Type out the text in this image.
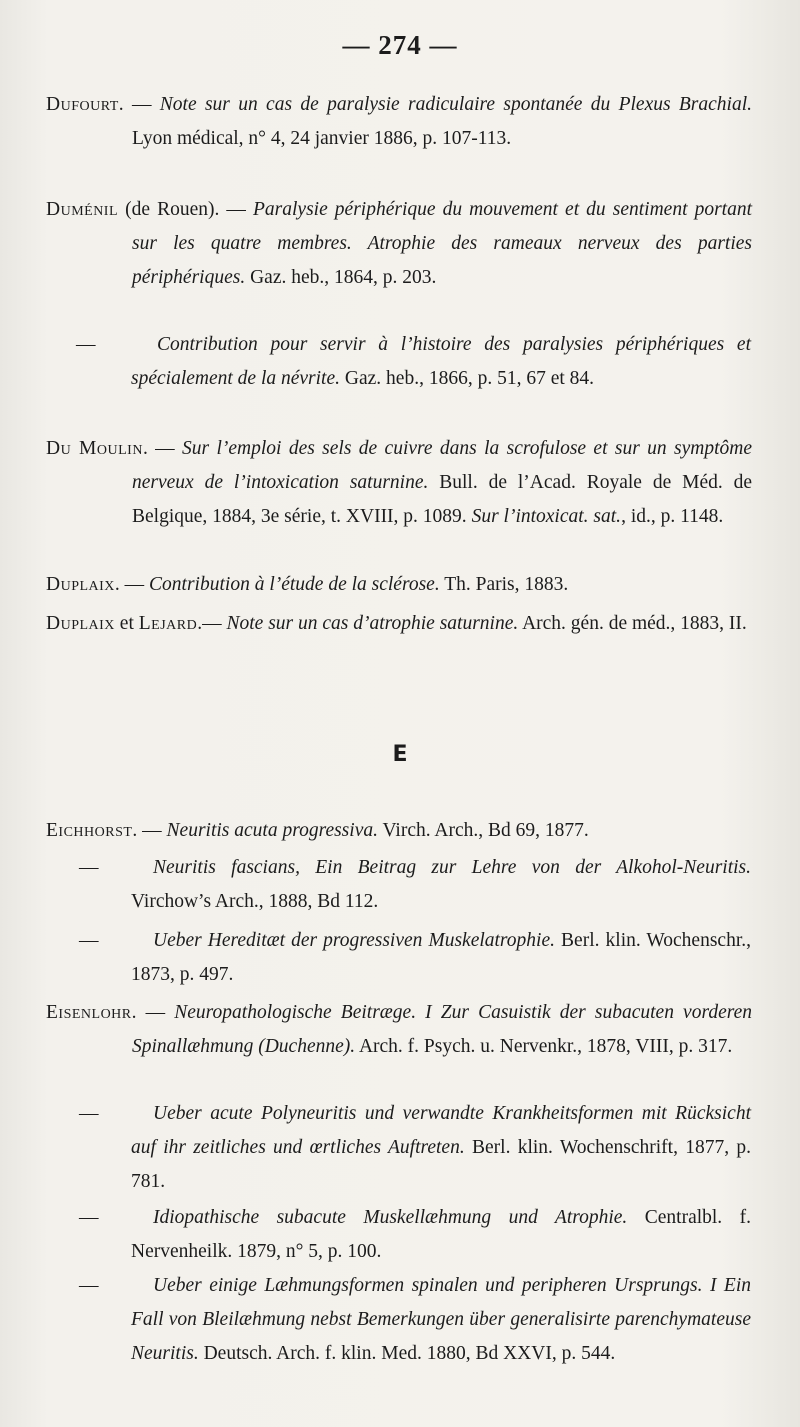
— 274 —
Dufourt. — Note sur un cas de paralysie radiculaire spontanée du Plexus Brachial. Lyon médical, n° 4, 24 janvier 1886, p. 107-113.
Duménil (de Rouen). — Paralysie périphérique du mouvement et du sentiment portant sur les quatre membres. Atrophie des rameaux nerveux des parties périphériques. Gaz. heb., 1864, p. 203.
—	Contribution pour servir à l’histoire des paralysies périphériques et spécialement de la névrite. Gaz. heb., 1866, p. 51, 67 et 84.
Du Moulin. — Sur l’emploi des sels de cuivre dans la scrofulose et sur un symptôme nerveux de l’intoxication saturnine. Bull. de l’Acad. Royale de Méd. de Belgique, 1884, 3e série, t. XVIII, p. 1089. Sur l’intoxicat. sat., id., p. 1148.
Duplaix. — Contribution à l’étude de la sclérose. Th. Paris, 1883.
Duplaix et Lejard.— Note sur un cas d’atrophie saturnine. Arch. gén. de méd., 1883, II.
E
Eichhorst. — Neuritis acuta progressiva. Virch. Arch., Bd 69, 1877.
—	Neuritis fascians, Ein Beitrag zur Lehre von der Alkohol-Neuritis. Virchow’s Arch., 1888, Bd 112.
—	Ueber Hereditæt der progressiven Muskelatrophie. Berl. klin. Wochenschr., 1873, p. 497.
Eisenlohr. — Neuropathologische Beitræge. I Zur Casuistik der subacuten vorderen Spinallæhmung (Duchenne). Arch. f. Psych. u. Nervenkr., 1878, VIII, p. 317.
—	Ueber acute Polyneuritis und verwandte Krankheitsformen mit Rücksicht auf ihr zeitliches und œrtliches Auftreten. Berl. klin. Wochenschrift, 1877, p. 781.
—	Idiopathische subacute Muskellæhmung und Atrophie. Centralbl. f. Nervenheilk. 1879, n° 5, p. 100.
—	Ueber einige Læhmungsformen spinalen und peripheren Ursprungs. I Ein Fall von Bleilæhmung nebst Bemerkungen über generalisirte parenchymateuse Neuritis. Deutsch. Arch. f. klin. Med. 1880, Bd XXVI, p. 544.
